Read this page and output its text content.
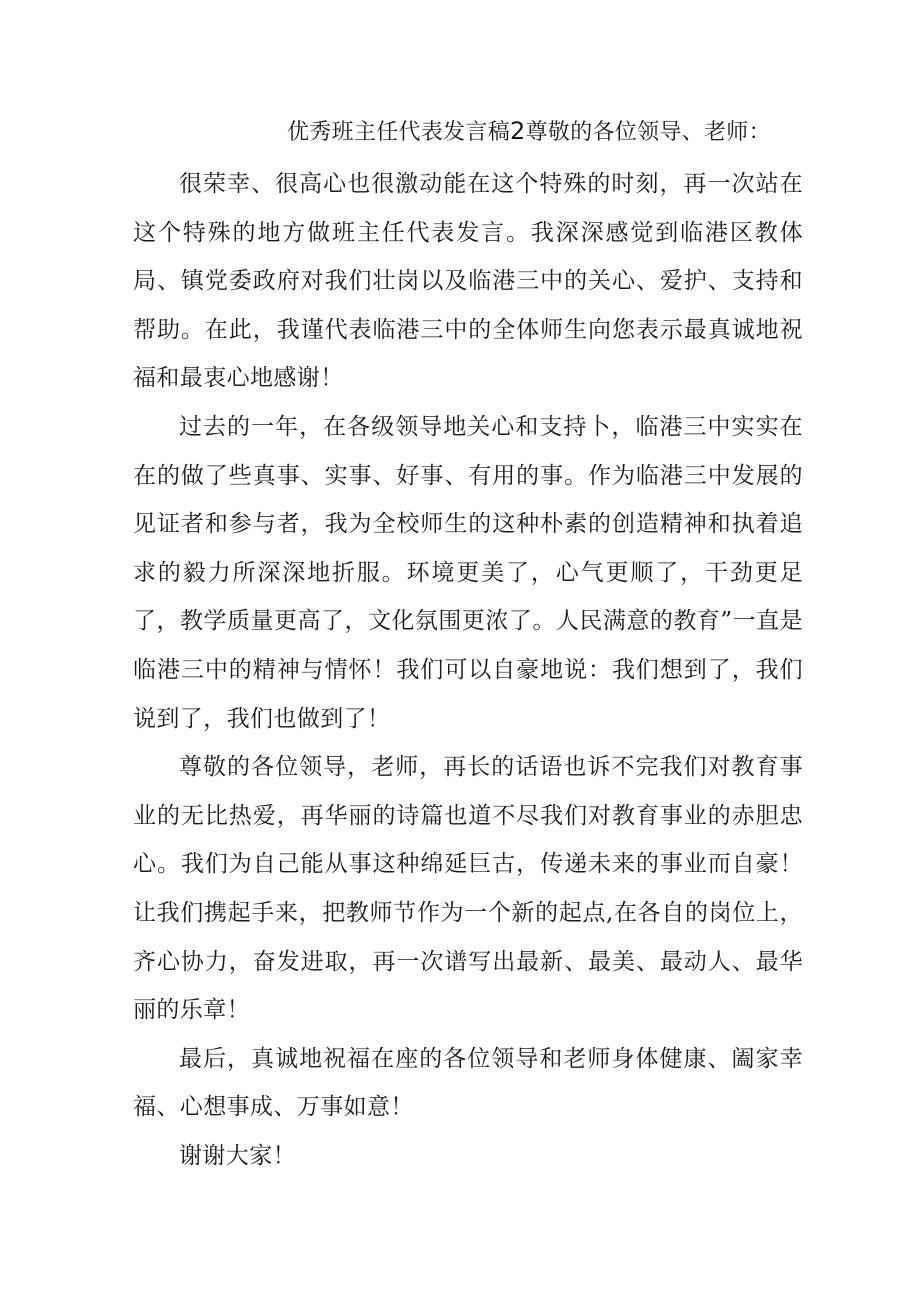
优秀班主任代表发言稿2尊敬的各位领导、老师：

很荣幸、很高心也很激动能在这个特殊的时刻，再一次站在这个特殊的地方做班主任代表发言。我深深感觉到临港区教体局、镇党委政府对我们壮岗以及临港三中的关心、爱护、支持和帮助。在此，我谨代表临港三中的全体师生向您表示最真诚地祝福和最衷心地感谢！

过去的一年，在各级领导地关心和支持卜，临港三中实实在在的做了些真事、实事、好事、有用的事。作为临港三中发展的见证者和参与者，我为全校师生的这种朴素的创造精神和执着追求的毅力所深深地折服。环境更美了，心气更顺了，干劲更足了，教学质量更高了，文化氛围更浓了。人民满意的教育”一直是临港三中的精神与情怀！我们可以自豪地说：我们想到了，我们说到了，我们也做到了！

尊敬的各位领导，老师，再长的话语也诉不完我们对教育事业的无比热爱，再华丽的诗篇也道不尽我们对教育事业的赤胆忠心。我们为自己能从事这种绵延巨古，传递未来的事业而自豪！让我们携起手来，把教师节作为一个新的起点,在各自的岗位上，齐心协力，奋发进取，再一次谱写出最新、最美、最动人、最华丽的乐章！

最后，真诚地祝福在座的各位领导和老师身体健康、阖家幸福、心想事成、万事如意！

谢谢大家！
